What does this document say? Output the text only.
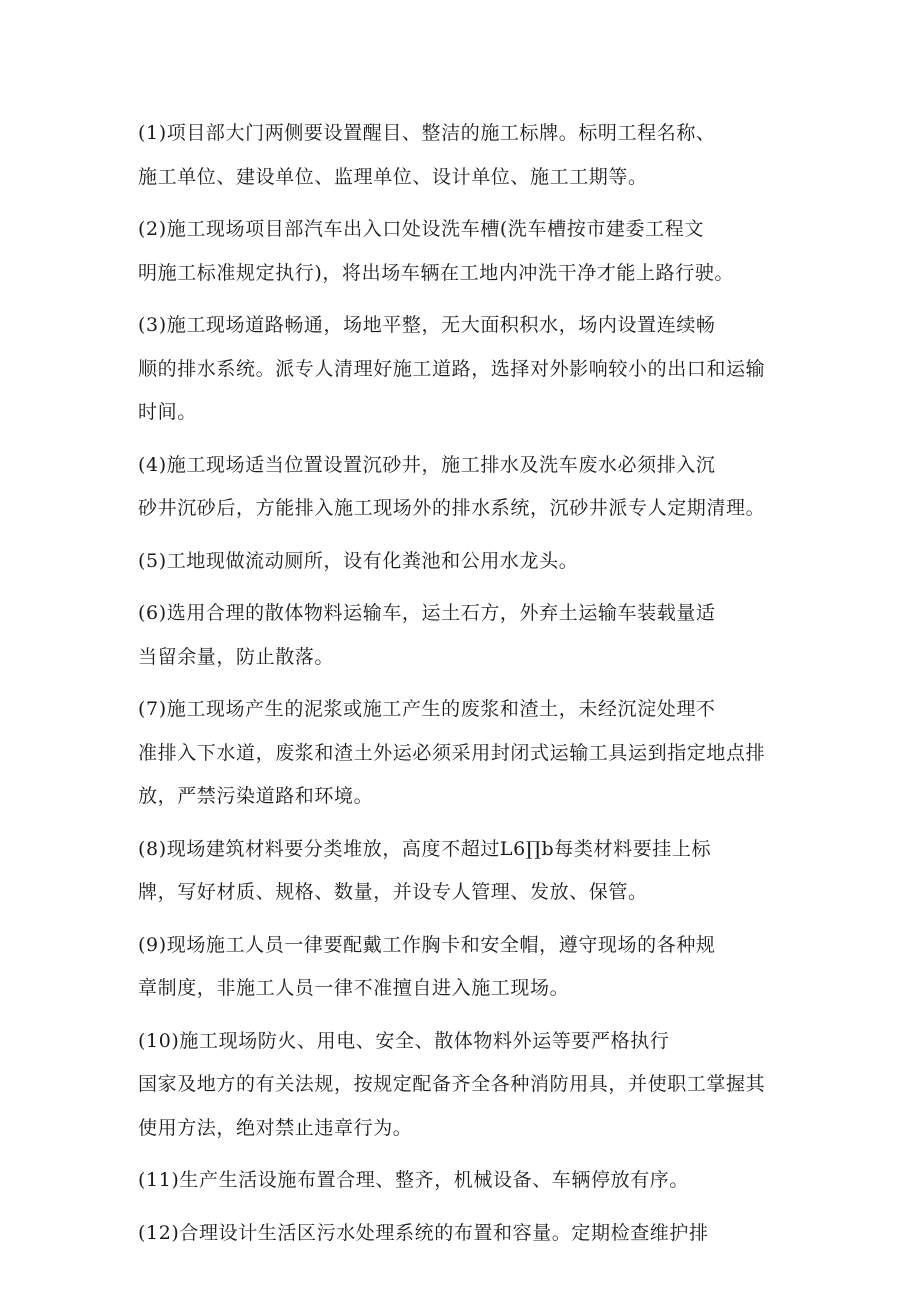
(1)项目部大门两侧要设置醒目、整洁的施工标牌。标明工程名称、
施工单位、建设单位、监理单位、设计单位、施工工期等。
(2)施工现场项目部汽车出入口处设洗车槽(洗车槽按市建委工程文
明施工标准规定执行)，将出场车辆在工地内冲洗干净才能上路行驶。
(3)施工现场道路畅通，场地平整，无大面积积水，场内设置连续畅
顺的排水系统。派专人清理好施工道路，选择对外影响较小的出口和运输
时间。
(4)施工现场适当位置设置沉砂井，施工排水及洗车废水必须排入沉
砂井沉砂后，方能排入施工现场外的排水系统，沉砂井派专人定期清理。
(5)工地现做流动厕所，设有化粪池和公用水龙头。
(6)选用合理的散体物料运输车，运土石方，外弃土运输车装载量适
当留余量，防止散落。
(7)施工现场产生的泥浆或施工产生的废浆和渣土，未经沉淀处理不
准排入下水道，废浆和渣土外运必须采用封闭式运输工具运到指定地点排
放，严禁污染道路和环境。
(8)现场建筑材料要分类堆放，高度不超过L6∏b每类材料要挂上标
牌，写好材质、规格、数量，并设专人管理、发放、保管。
(9)现场施工人员一律要配戴工作胸卡和安全帽，遵守现场的各种规
章制度，非施工人员一律不准擅自进入施工现场。
(10)施工现场防火、用电、安全、散体物料外运等要严格执行
国家及地方的有关法规，按规定配备齐全各种消防用具，并使职工掌握其
使用方法，绝对禁止违章行为。
(11)生产生活设施布置合理、整齐，机械设备、车辆停放有序。
(12)合理设计生活区污水处理系统的布置和容量。定期检查维护排
